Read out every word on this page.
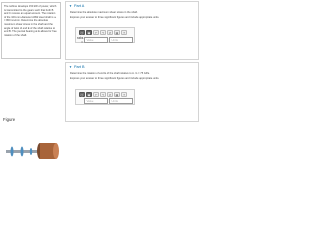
The turbine develops 150 kW of power, which is transmitted to the gears such that both B and C receive an equal amount. The rotation of the 100-mm-diameter A992 steel shaft is ω = 800 rev/min. Determine the absolute maximum shear stress in the shaft and the angle of twist of end E of the shaft relative to end B. The journal bearing at E allows for free rotation of the shaft.
Figure
▼ Part A
Determine the absolute maximum shear stress in the shaft.
Express your answer to three significant figures and include appropriate units.
▢	▣	↶	↷	⟳	▦	?
τabs =	Value	Units
▼ Part B
Determine the rotation of end E of the shaft relative to A. G = 75 GPa.
Express your answer to three significant figures and include appropriate units.
▢	▣	↶	↷	⟳	▦	?
Value	Units
